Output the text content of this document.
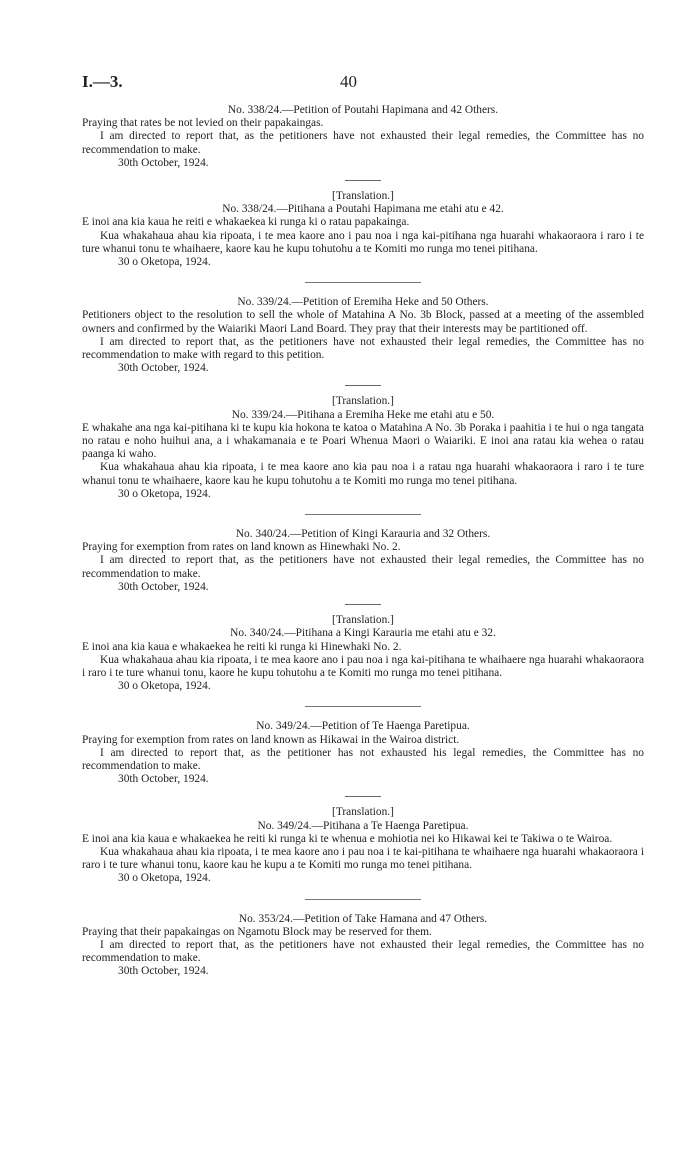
I.—3.	40

No. 338/24.—Petition of Poutahi Hapimana and 42 Others.

Praying that rates be not levied on their papakaingas.

I am directed to report that, as the petitioners have not exhausted their legal remedies, the Committee has no recommendation to make.

30th October, 1924.

[Translation.]

No. 338/24.—Pitihana a Poutahi Hapimana me etahi atu e 42.

E inoi ana kia kaua he reiti e whakaekea ki runga ki o ratau papakainga.

Kua whakahaua ahau kia ripoata, i te mea kaore ano i pau noa i nga kai-pitihana nga huarahi whakaoraora i raro i te ture whanui tonu te whaihaere, kaore kau he kupu tohutohu a te Komiti mo runga mo tenei pitihana.

30 o Oketopa, 1924.

No. 339/24.—Petition of Eremiha Heke and 50 Others.

Petitioners object to the resolution to sell the whole of Matahina A No. 3b Block, passed at a meeting of the assembled owners and confirmed by the Waiariki Maori Land Board. They pray that their interests may be partitioned off.

I am directed to report that, as the petitioners have not exhausted their legal remedies, the Committee has no recommendation to make with regard to this petition.

30th October, 1924.

[Translation.]

No. 339/24.—Pitihana a Eremiha Heke me etahi atu e 50.

E whakahe ana nga kai-pitihana ki te kupu kia hokona te katoa o Matahina A No. 3b Poraka i paahitia i te hui o nga tangata no ratau e noho huihui ana, a i whakamanaia e te Poari Whenua Maori o Waiariki. E inoi ana ratau kia wehea o ratau paanga ki waho.

Kua whakahaua ahau kia ripoata, i te mea kaore ano kia pau noa i a ratau nga huarahi whakaoraora i raro i te ture whanui tonu te whaihaere, kaore kau he kupu tohutohu a te Komiti mo runga mo tenei pitihana.

30 o Oketopa, 1924.

No. 340/24.—Petition of Kingi Karauria and 32 Others.

Praying for exemption from rates on land known as Hinewhaki No. 2.

I am directed to report that, as the petitioners have not exhausted their legal remedies, the Committee has no recommendation to make.

30th October, 1924.

[Translation.]

No. 340/24.—Pitihana a Kingi Karauria me etahi atu e 32.

E inoi ana kia kaua e whakaekea he reiti ki runga ki Hinewhaki No. 2.

Kua whakahaua ahau kia ripoata, i te mea kaore ano i pau noa i nga kai-pitihana te whaihaere nga huarahi whakaoraora i raro i te ture whanui tonu, kaore he kupu tohutohu a te Komiti mo runga mo tenei pitihana.

30 o Oketopa, 1924.

No. 349/24.—Petition of Te Haenga Paretipua.

Praying for exemption from rates on land known as Hikawai in the Wairoa district.

I am directed to report that, as the petitioner has not exhausted his legal remedies, the Committee has no recommendation to make.

30th October, 1924.

[Translation.]

No. 349/24.—Pitihana a Te Haenga Paretipua.

E inoi ana kia kaua e whakaekea he reiti ki runga ki te whenua e mohiotia nei ko Hikawai kei te Takiwa o te Wairoa.

Kua whakahaua ahau kia ripoata, i te mea kaore ano i pau noa i te kai-pitihana te whaihaere nga huarahi whakaoraora i raro i te ture whanui tonu, kaore kau he kupu a te Komiti mo runga mo tenei pitihana.

30 o Oketopa, 1924.

No. 353/24.—Petition of Take Hamana and 47 Others.

Praying that their papakaingas on Ngamotu Block may be reserved for them.

I am directed to report that, as the petitioners have not exhausted their legal remedies, the Committee has no recommendation to make.

30th October, 1924.
